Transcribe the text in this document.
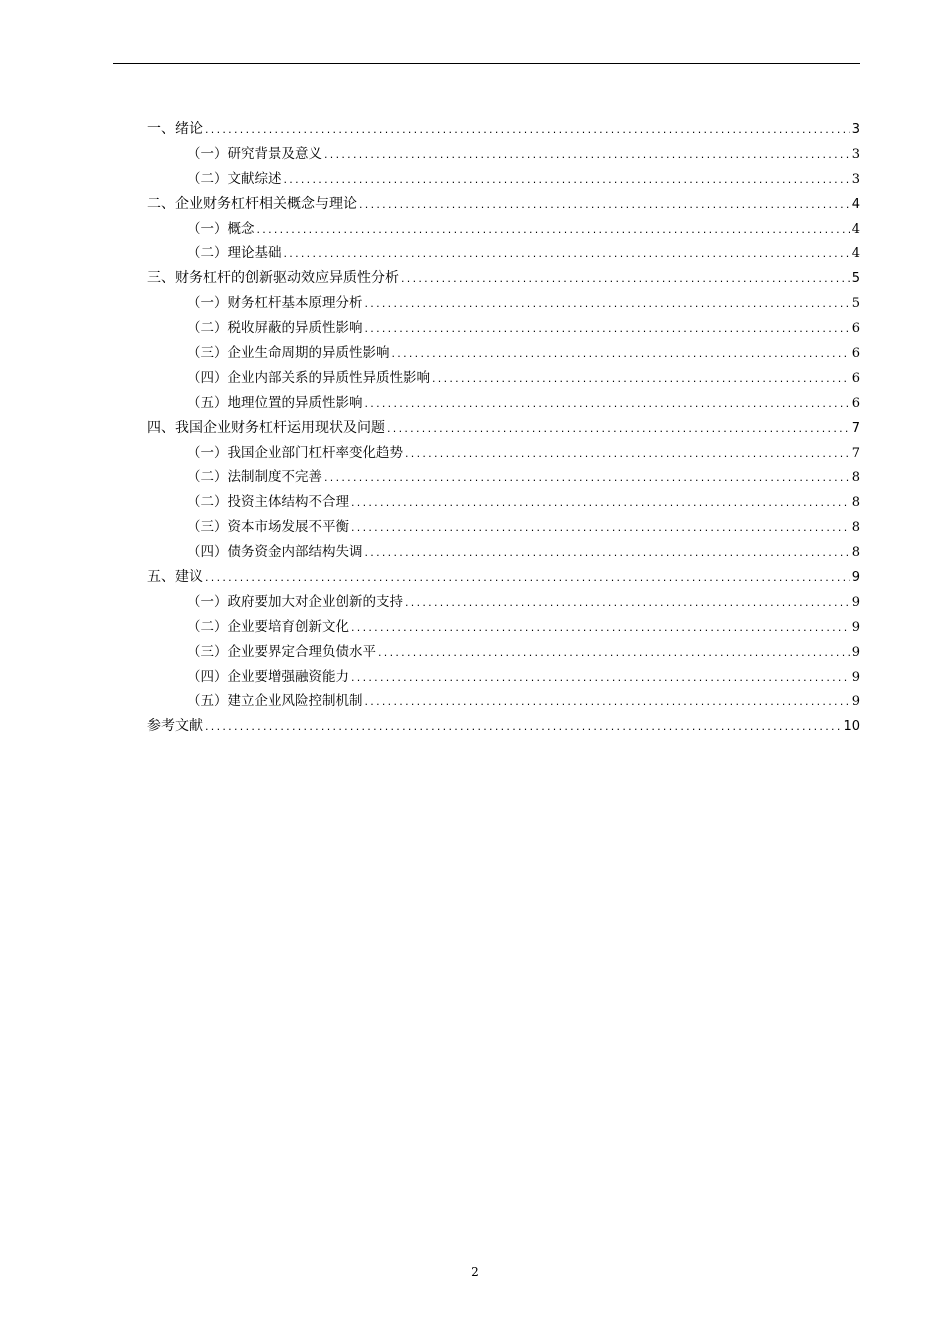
一、绪论 .....	3
（一）研究背景及意义 .....	3
（二）文献综述 .....	3
二、企业财务杠杆相关概念与理论 .....	4
（一）概念 .....	4
（二）理论基础 .....	4
三、财务杠杆的创新驱动效应异质性分析 .....	5
（一）财务杠杆基本原理分析 .....	5
（二）税收屏蔽的异质性影响 .....	6
（三）企业生命周期的异质性影响 .....	6
（四）企业内部关系的异质性异质性影响 .....	6
（五）地理位置的异质性影响 .....	6
四、我国企业财务杠杆运用现状及问题 .....	7
（一）我国企业部门杠杆率变化趋势 .....	7
（二）法制制度不完善 .....	8
（二）投资主体结构不合理 .....	8
（三）资本市场发展不平衡 .....	8
（四）债务资金内部结构失调 .....	8
五、建议 .....	9
（一）政府要加大对企业创新的支持 .....	9
（二）企业要培育创新文化 .....	9
（三）企业要界定合理负债水平 .....	9
（四）企业要增强融资能力 .....	9
（五）建立企业风险控制机制 .....	9
参考文献 .....	10
2
